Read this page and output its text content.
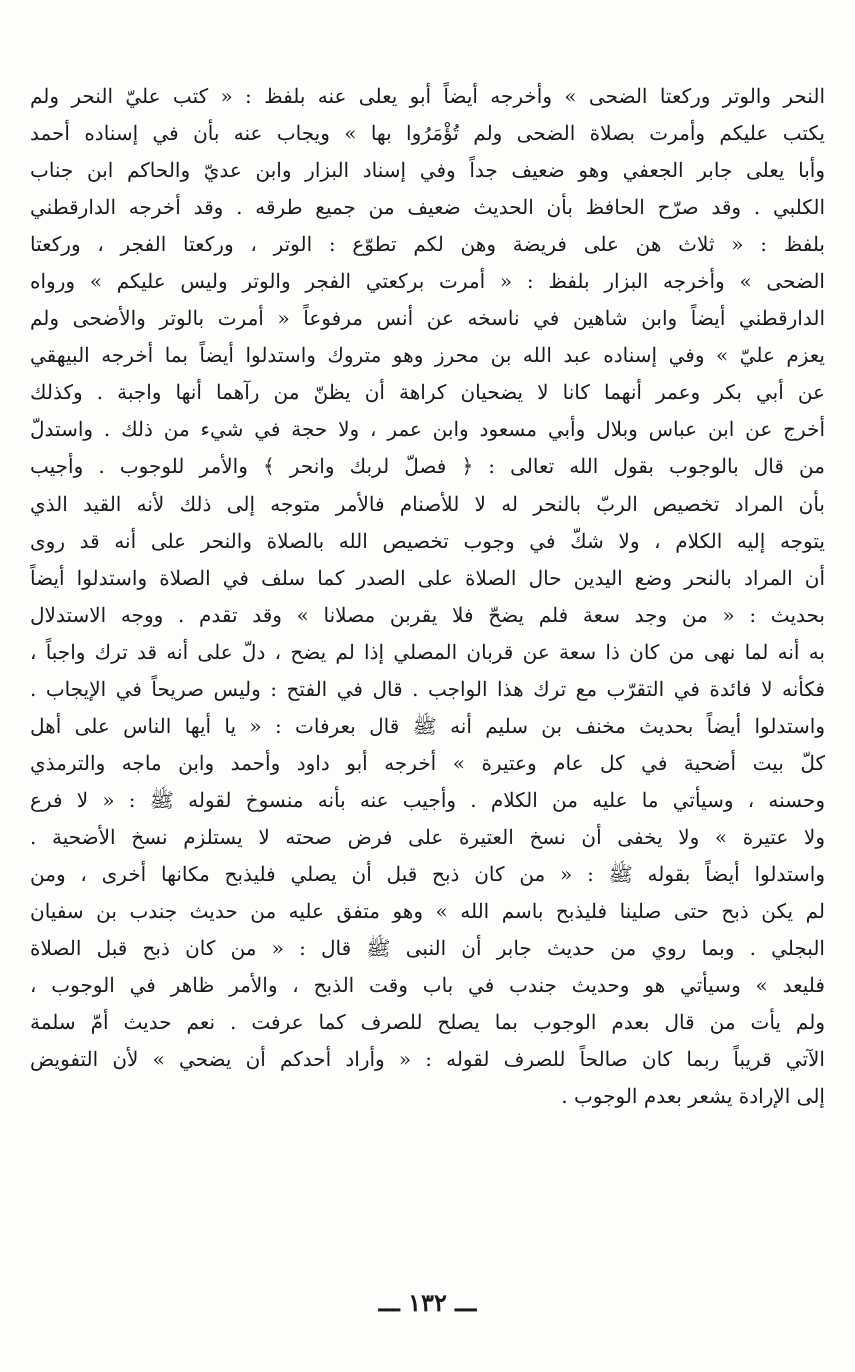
النحر والوتر وركعتا الضحى » وأخرجه أيضاً أبو يعلى عنه بلفظ : « كتب عليّ النحر ولم
يكتب عليكم وأمرت بصلاة الضحى ولم تُؤْمَرُوا بها » ويجاب عنه بأن في إسناده أحمد
وأبا يعلى جابر الجعفي وهو ضعيف جداً وفي إسناد البزار وابن عديّ والحاكم ابن جناب
الكلبي . وقد صرّح الحافظ بأن الحديث ضعيف من جميع طرقه . وقد أخرجه الدارقطني
بلفظ : « ثلاث هن على فريضة وهن لكم تطوّع : الوتر ، وركعتا الفجر ، وركعتا
الضحى » وأخرجه البزار بلفظ : « أمرت بركعتي الفجر والوتر وليس عليكم » ورواه
الدارقطني أيضاً وابن شاهين في ناسخه عن أنس مرفوعاً « أمرت بالوتر والأضحى ولم
يعزم عليّ » وفي إسناده عبد الله بن محرز وهو متروك واستدلوا أيضاً بما أخرجه البيهقي
عن أبي بكر وعمر أنهما كانا لا يضحيان كراهة أن يظنّ من رآهما أنها واجبة . وكذلك
أخرج عن ابن عباس وبلال وأبي مسعود وابن عمر ، ولا حجة في شيء من ذلك . واستدلّ
من قال بالوجوب بقول الله تعالى : ﴿ فصلّ لربك وانحر ﴾ والأمر للوجوب . وأجيب
بأن المراد تخصيص الربّ بالنحر له لا للأصنام فالأمر متوجه إلى ذلك لأنه القيد الذي
يتوجه إليه الكلام ، ولا شكّ في وجوب تخصيص الله بالصلاة والنحر على أنه قد روى
أن المراد بالنحر وضع اليدين حال الصلاة على الصدر كما سلف في الصلاة واستدلوا أيضاً
بحديث : « من وجد سعة فلم يضحّ فلا يقربن مصلانا » وقد تقدم . ووجه الاستدلال
به أنه لما نهى من كان ذا سعة عن قربان المصلي إذا لم يضح ، دلّ على أنه قد ترك واجباً ،
فكأنه لا فائدة في التقرّب مع ترك هذا الواجب . قال في الفتح : وليس صريحاً في الإيجاب .
واستدلوا أيضاً بحديث مخنف بن سليم أنه ﷺ قال بعرفات : « يا أيها الناس على أهل
كلّ بيت أضحية في كل عام وعتيرة » أخرجه أبو داود وأحمد وابن ماجه والترمذي
وحسنه ، وسيأتي ما عليه من الكلام . وأجيب عنه بأنه منسوخ لقوله ﷺ : « لا فرع
ولا عتيرة » ولا يخفى أن نسخ العتيرة على فرض صحته لا يستلزم نسخ الأضحية .
واستدلوا أيضاً بقوله ﷺ : « من كان ذبح قبل أن يصلي فليذبح مكانها أخرى ، ومن
لم يكن ذبح حتى صلينا فليذبح باسم الله » وهو متفق عليه من حديث جندب بن سفيان
البجلي . وبما روي من حديث جابر أن النبى ﷺ قال : « من كان ذبح قبل الصلاة
فليعد » وسيأتي هو وحديث جندب في باب وقت الذبح ، والأمر ظاهر في الوجوب ،
ولم يأت من قال بعدم الوجوب بما يصلح للصرف كما عرفت . نعم حديث أمّ سلمة
الآتي قريباً ربما كان صالحاً للصرف لقوله : « وأراد أحدكم أن يضحي » لأن التفويض
إلى الإرادة يشعر بعدم الوجوب .
ـــ ١٣٢ ـــ
